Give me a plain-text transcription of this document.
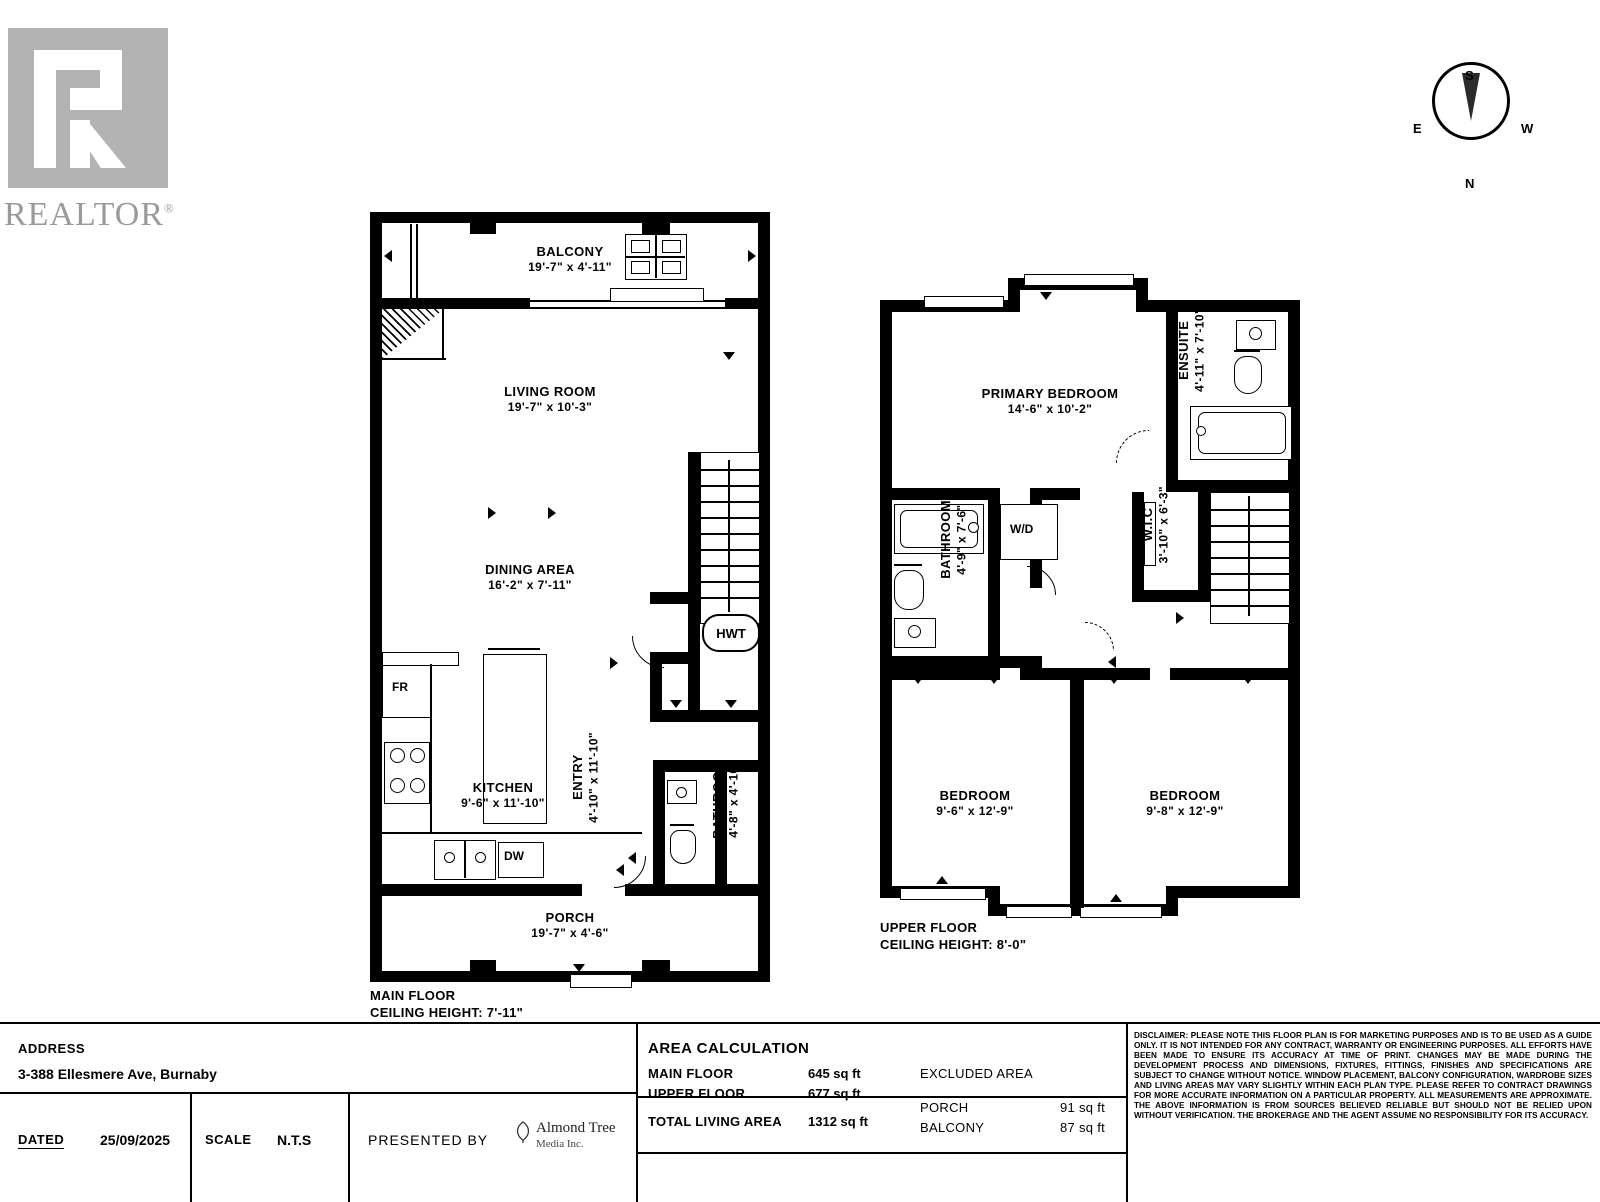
REALTOR®
S
N
E	W
HWT
DW
FR
BALCONY
19'-7" x 4'-11"
LIVING ROOM
19'-7" x 10'-3"
DINING AREA
16'-2" x 7'-11"
KITCHEN
9'-6" x 11'-10"
ENTRY 4'-10" x 11'-10"	BATHROOM 4'-8" x 4'-10"
PORCH
19'-7" x 4'-6"
MAIN FLOOR
CEILING HEIGHT: 7'-11"
W/D
PRIMARY BEDROOM
14'-6" x 10'-2"
ENSUITE 4'-11" x 7'-10"
W.I.C 3'-10" x 6'-3"
BATHROOM 4'-9" x 7'-6"
BEDROOM
9'-6" x 12'-9"
BEDROOM
9'-8" x 12'-9"
UPPER FLOOR
CEILING HEIGHT: 8'-0"
ADDRESS
3-388 Ellesmere Ave, Burnaby
DATED	25/09/2025	SCALE N.T.S	PRESENTED BY
Almond Tree
Media Inc.
AREA CALCULATION
MAIN FLOOR	645 sq ft
UPPER FLOOR	677 sq ft
TOTAL LIVING AREA 1312 sq ft
EXCLUDED AREA
PORCH	91 sq ft
BALCONY	87 sq ft
DISCLAIMER: PLEASE NOTE THIS FLOOR PLAN IS FOR MARKETING PURPOSES AND IS TO BE USED AS A GUIDE ONLY. IT IS NOT INTENDED FOR ANY CONTRACT, WARRANTY OR ENGINEERING PURPOSES. ALL EFFORTS HAVE BEEN MADE TO ENSURE ITS ACCURACY AT TIME OF PRINT. CHANGES MAY BE MADE DURING THE DEVELOPMENT PROCESS AND DIMENSIONS, FIXTURES, FITTINGS, FINISHES AND SPECIFICATIONS ARE SUBJECT TO CHANGE WITHOUT NOTICE. WINDOW PLACEMENT, BALCONY CONFIGURATION, WARDROBE SIZES AND LIVING AREAS MAY VARY SLIGHTLY WITHIN EACH PLAN TYPE. PLEASE REFER TO CONTRACT DRAWINGS FOR MORE ACCURATE INFORMATION ON A PARTICULAR PROPERTY. ALL MEASUREMENTS ARE APPROXIMATE. THE ABOVE INFORMATION IS FROM SOURCES BELIEVED RELIABLE BUT SHOULD NOT BE RELIED UPON WITHOUT VERIFICATION. THE BROKERAGE AND THE AGENT ASSUME NO RESPONSIBILITY FOR ITS ACCURACY.
